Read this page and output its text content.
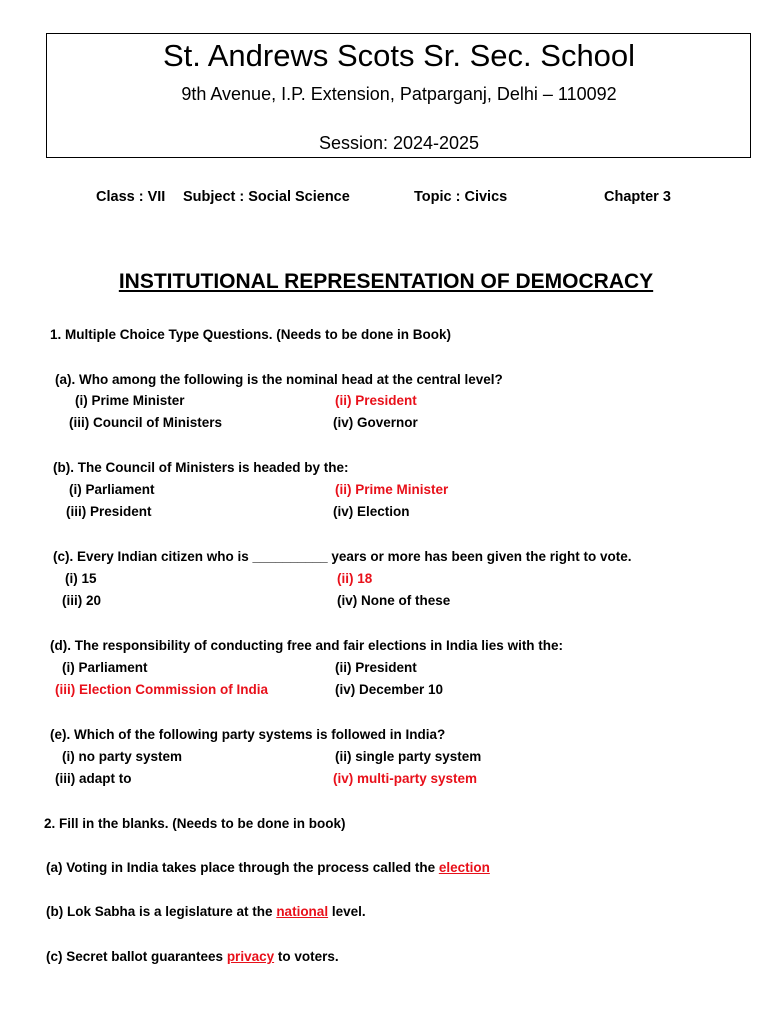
St. Andrews Scots Sr. Sec. School
9th Avenue, I.P. Extension, Patparganj, Delhi – 110092
Session: 2024-2025
Class : VII Subject : Social Science	Topic : Civics	Chapter 3
INSTITUTIONAL REPRESENTATION OF DEMOCRACY
1. Multiple Choice Type Questions. (Needs to be done in Book)
(a). Who among the following is the nominal head at the central level?
(i) Prime Minister	(ii) President
(iii) Council of Ministers	(iv) Governor
(b). The Council of Ministers is headed by the:
(i) Parliament	(ii) Prime Minister
(iii) President	(iv) Election
(c). Every Indian citizen who is __________ years or more has been given the right to vote.
(i) 15	(ii) 18
(iii) 20	(iv) None of these
(d). The responsibility of conducting free and fair elections in India lies with the:
(i) Parliament	(ii) President
(iii) Election Commission of India	(iv) December 10
(e). Which of the following party systems is followed in India?
(i) no party system	(ii) single party system
(iii) adapt to	(iv) multi-party system
2. Fill in the blanks. (Needs to be done in book)
(a) Voting in India takes place through the process called the election
(b) Lok Sabha is a legislature at the national level.
(c) Secret ballot guarantees privacy to voters.
